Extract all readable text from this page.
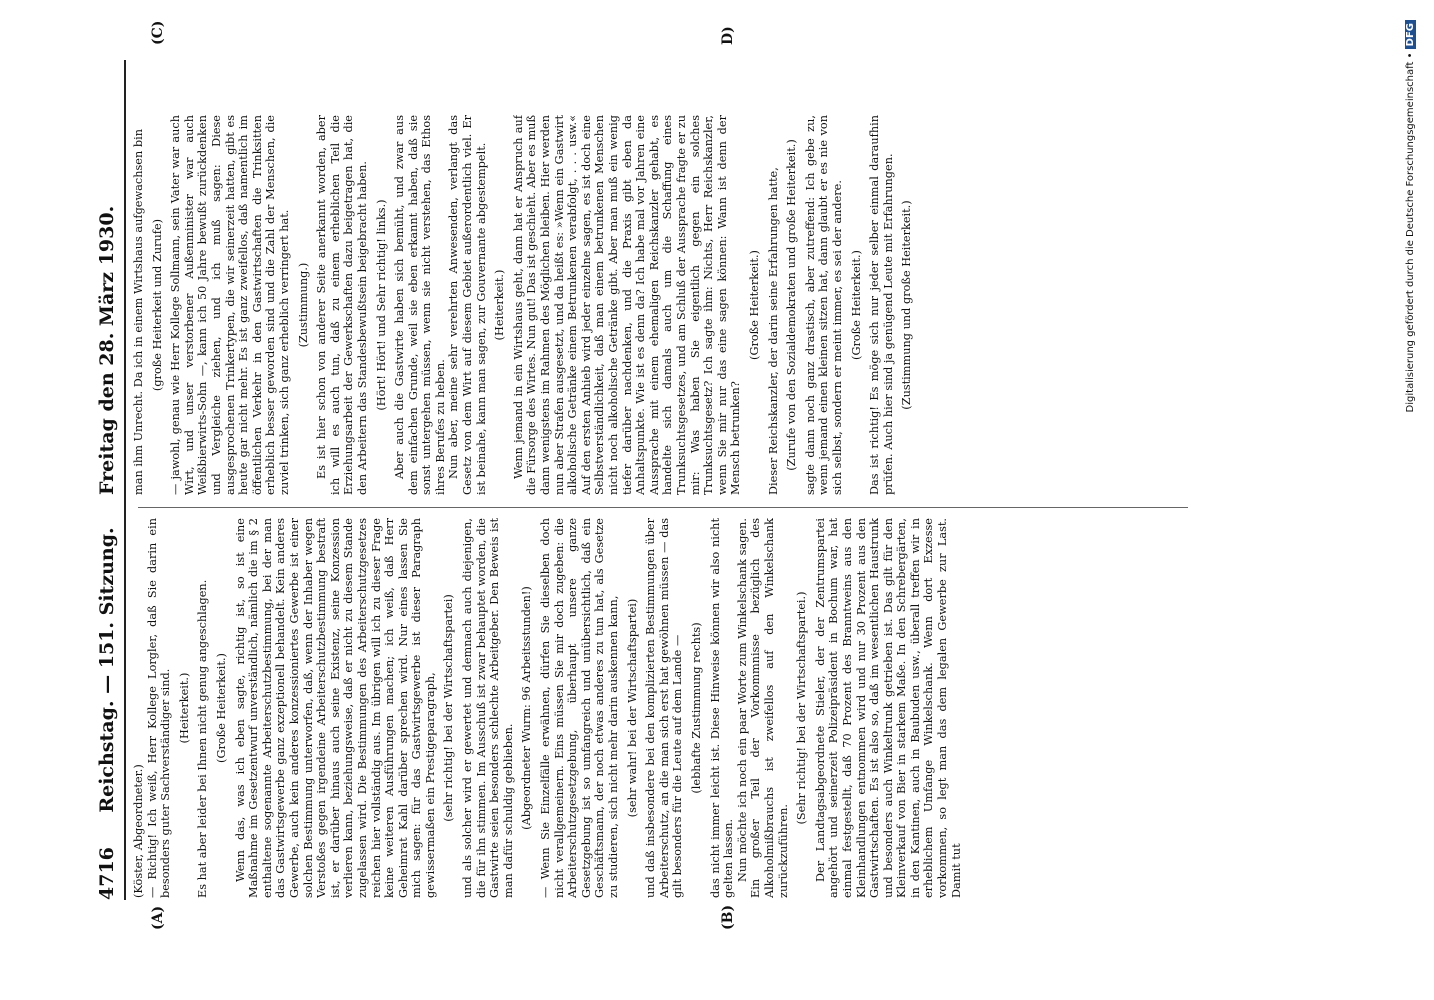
4716
Reichstag. — 151. Sitzung.
Freitag den 28. März 1930.
(A)	(B)
(C)	D)

(Köster, Abgeordneter.) — Richtig! Ich weiß, Herr Kollege Lorgler, daß Sie darin ein besonders guter Sachverständiger sind. (Heiterkeit.) Es hat aber leider bei Ihnen nicht genug angeschlagen. (Große Heiterkeit.) Wenn das, was ich eben sagte, richtig ist, so ist eine Maßnahme im Gesetzentwurf unverständlich, nämlich die im § 2 enthaltene sogenannte Arbeiterschutzbestimmung, bei der man das Gastwirtsgewerbe ganz exzeptionell behandelt. Kein anderes Gewerbe, auch kein anderes konzessioniertes Gewerbe ist einer solchen Bestimmung unterworfen, daß, wenn der Inhaber wegen Verstoßes gegen irgendeine Arbeiterschutzbestimmung bestraft ist, er darüber hinaus auch seine Existenz, seine Konzession verlieren kann, beziehungsweise, daß er nicht zu diesem Stande zugelassen wird. Die Bestimmungen des Arbeiterschutzgesetzes reichen hier vollständig aus. Im übrigen will ich zu dieser Frage keine weiteren Ausführungen machen; ich weiß, daß Herr Geheimrat Kahl darüber sprechen wird. Nur eines lassen Sie mich sagen: für das Gastwirtsgewerbe ist dieser Paragraph gewissermaßen ein Prestigeparagraph, (sehr richtig! bei der Wirtschaftspartei) und als solcher wird er gewertet und demnach auch diejenigen, die für ihn stimmen. Im Ausschuß ist zwar behauptet worden, die Gastwirte seien besonders schlechte Arbeitgeber. Den Beweis ist man dafür schuldig geblieben. (Abgeordneter Wurm: 96 Arbeitsstunden!) — Wenn Sie Einzelfälle erwähnen, dürfen Sie dieselben doch nicht verallgemeinern. Eins müssen Sie mir doch zugeben: die Arbeiterschutzgesetzgebung, überhaupt unsere ganze Gesetzgebung ist so umfangreich und unübersichtlich, daß ein Geschäftsmann, der noch etwas anderes zu tun hat, als Gesetze zu studieren, sich nicht mehr darin auskennen kann, (sehr wahr! bei der Wirtschaftspartei) und daß insbesondere bei den komplizierten Bestimmungen über Arbeiterschutz, an die man sich erst hat gewöhnen müssen — das gilt besonders für die Leute auf dem Lande — (lebhafte Zustimmung rechts) das nicht immer leicht ist. Diese Hinweise können wir also nicht gelten lassen. Nun möchte ich noch ein paar Worte zum Winkelschank sagen. Ein großer Teil der Vorkommnisse bezüglich des Alkoholmißbrauchs ist zweifellos auf den Winkelschank zurückzuführen.

(Sehr richtig! bei der Wirtschaftspartei.) Der Landtagsabgeordnete Stieler, der der Zentrumspartei angehört und seinerzeit Polizeipräsident in Bochum war, hat einmal festgestellt, daß 70 Prozent des Branntweins aus den Kleinhandlungen entnommen wird und nur 30 Prozent aus den Gastwirtschaften. Es ist also so, daß im wesentlichen Haustrunk und besonders auch Winkeltrunk getrieben ist. Das gilt für den Kleinverkauf von Bier in starkem Maße. In den Schrebergärten, in den Kantinen, auch in Baubuden usw., überall treffen wir in erheblichem Umfange Winkelschank. Wenn dort Exzesse vorkommen, so legt man das dem legalen Gewerbe zur Last. Damit tut

man ihm Unrecht. Da ich in einem Wirtshaus aufgewachsen bin (große Heiterkeit und Zurufe) — jawohl, genau wie Herr Kollege Sollmann, sein Vater war auch Wirt, und unser verstorbener Außenminister war auch Weißbierwirts-Sohn —, kann ich 50 Jahre bewußt zurückdenken und Vergleiche ziehen, und ich muß sagen: Diese ausgesprochenen Trinkertypen, die wir seinerzeit hatten, gibt es heute gar nicht mehr. Es ist ganz zweifellos, daß namentlich im öffentlichen Verkehr in den Gastwirtschaften die Trinksitten erheblich besser geworden sind und die Zahl der Menschen, die zuviel trinken, sich ganz erheblich verringert hat. (Zustimmung.) Es ist hier schon von anderer Seite anerkannt worden, aber ich will es auch tun, daß zu einem erheblichen Teil die Erziehungsarbeit der Gewerkschaften dazu beigetragen hat, die den Arbeitern das Standesbewußtsein beigebracht haben. (Hört! Hört! und Sehr richtig! links.) Aber auch die Gastwirte haben sich bemüht, und zwar aus dem einfachen Grunde, weil sie eben erkannt haben, daß sie sonst untergehen müssen, wenn sie nicht verstehen, das Ethos ihres Berufes zu heben. Nun aber, meine sehr verehrten Anwesenden, verlangt das Gesetz von dem Wirt auf diesem Gebiet außerordentlich viel. Er ist beinahe, kann man sagen, zur Gouvernante abgestempelt. (Heiterkeit.) Wenn jemand in ein Wirtshaus geht, dann hat er Anspruch auf die Fürsorge des Wirtes. Nun gut! Das ist geschieht. Aber es muß dann wenigstens im Rahmen des Möglichen bleiben. Hier werden nun aber Strafen ausgesetzt, und da heißt es: »Wenn ein Gastwirt alkoholische Getränke einem Betrunkenen verabfolgt, . . . usw.« Auf den ersten Anhieb wird jeder einzelne sagen, es ist doch eine Selbstverständlichkeit, daß man einem betrunkenen Menschen nicht noch alkoholische Getränke gibt. Aber man muß ein wenig tiefer darüber nachdenken, und die Praxis gibt eben da Anhaltspunkte. Wie ist es denn da? Ich habe mal vor Jahren eine Aussprache mit einem ehemaligen Reichskanzler gehabt, es handelte sich damals auch um die Schaffung eines Trunksuchtsgesetzes, und am Schluß der Aussprache fragte er zu mir: Was haben Sie eigentlich gegen ein solches Trunksuchtsgesetz? Ich sagte ihm: Nichts, Herr Reichskanzler, wenn Sie mir nur das eine sagen können: Wann ist denn der Mensch betrunken?

(Große Heiterkeit.) Dieser Reichskanzler, der darin seine Erfahrungen hatte, (Zurufe von den Sozialdemokraten und große Heiterkeit.) sagte dann noch ganz drastisch, aber zutreffend: Ich gebe zu, wenn jemand einen kleinen sitzen hat, dann glaubt er es nie von sich selbst, sondern er meint immer, es sei der andere. (Große Heiterkeit.) Das ist richtig! Es möge sich nur jeder selber einmal daraufhin prüfen. Auch hier sind ja genügend Leute mit Erfahrungen. (Zustimmung und große Heiterkeit.)	Digitalisierung gefördert durch die Deutsche Forschungsgemeinschaft • DFG
